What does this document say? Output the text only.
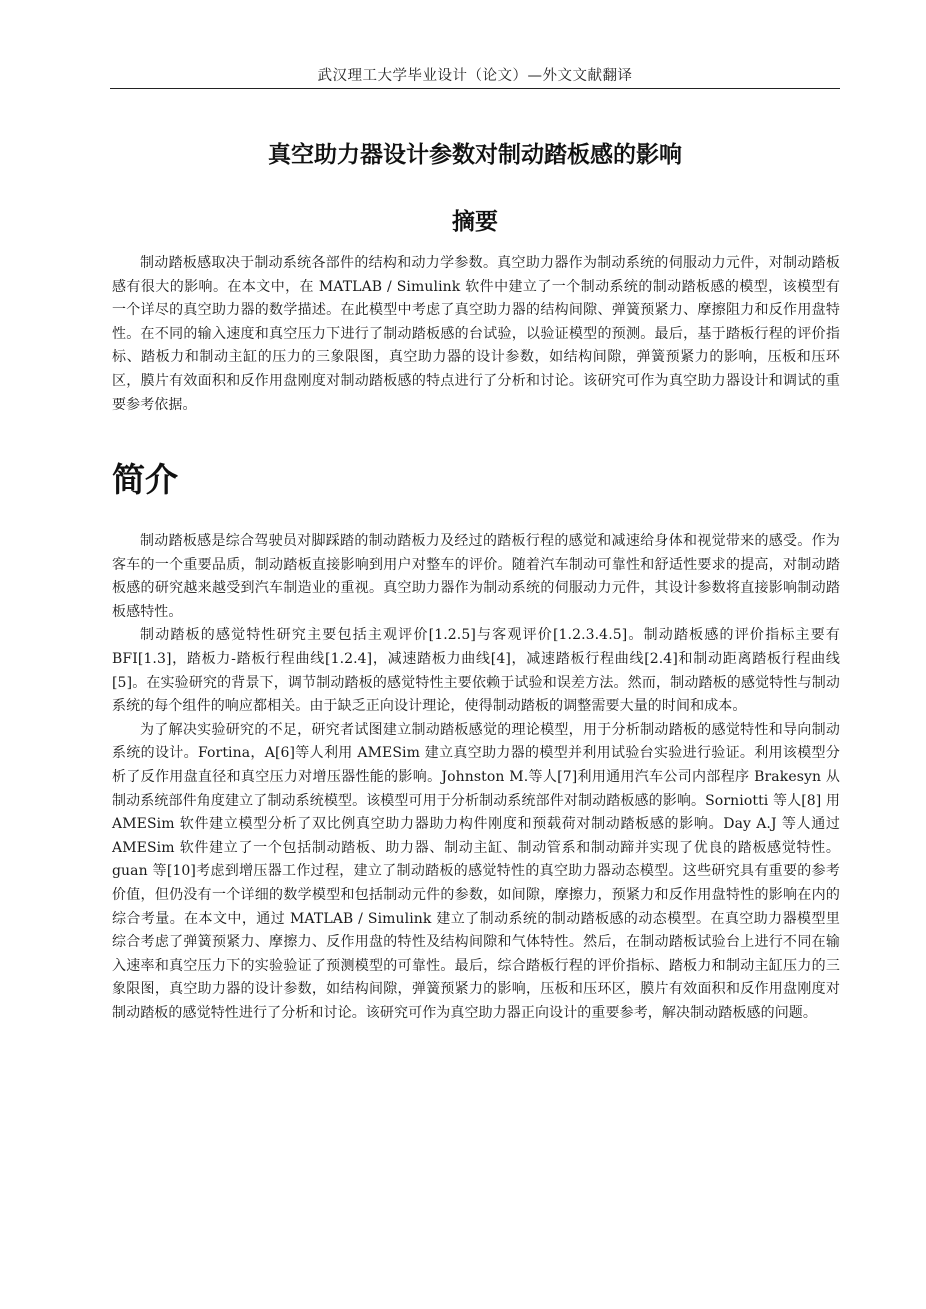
武汉理工大学毕业设计（论文）—外文文献翻译
真空助力器设计参数对制动踏板感的影响
摘要

制动踏板感取决于制动系统各部件的结构和动力学参数。真空助力器作为制动系统的伺服动力元件，对制动踏板感有很大的影响。在本文中，在 MATLAB / Simulink 软件中建立了一个制动系统的制动踏板感的模型，该模型有一个详尽的真空助力器的数学描述。在此模型中考虑了真空助力器的结构间隙、弹簧预紧力、摩擦阻力和反作用盘特性。在不同的输入速度和真空压力下进行了制动踏板感的台试验，以验证模型的预测。最后，基于踏板行程的评价指标、踏板力和制动主缸的压力的三象限图，真空助力器的设计参数，如结构间隙，弹簧预紧力的影响，压板和压环区，膜片有效面积和反作用盘刚度对制动踏板感的特点进行了分析和讨论。该研究可作为真空助力器设计和调试的重要参考依据。

简介

制动踏板感是综合驾驶员对脚踩踏的制动踏板力及经过的踏板行程的感觉和减速给身体和视觉带来的感受。作为客车的一个重要品质，制动踏板直接影响到用户对整车的评价。随着汽车制动可靠性和舒适性要求的提高，对制动踏板感的研究越来越受到汽车制造业的重视。真空助力器作为制动系统的伺服动力元件，其设计参数将直接影响制动踏板感特性。

制动踏板的感觉特性研究主要包括主观评价[1.2.5]与客观评价[1.2.3.4.5]。制动踏板感的评价指标主要有 BFI[1.3]，踏板力-踏板行程曲线[1.2.4]，减速踏板力曲线[4]，减速踏板行程曲线[2.4]和制动距离踏板行程曲线[5]。在实验研究的背景下，调节制动踏板的感觉特性主要依赖于试验和误差方法。然而，制动踏板的感觉特性与制动系统的每个组件的响应都相关。由于缺乏正向设计理论，使得制动踏板的调整需要大量的时间和成本。

为了解决实验研究的不足，研究者试图建立制动踏板感觉的理论模型，用于分析制动踏板的感觉特性和导向制动系统的设计。Fortina，A[6]等人利用 AMESim 建立真空助力器的模型并利用试验台实验进行验证。利用该模型分析了反作用盘直径和真空压力对增压器性能的影响。Johnston M.等人[7]利用通用汽车公司内部程序 Brakesyn 从制动系统部件角度建立了制动系统模型。该模型可用于分析制动系统部件对制动踏板感的影响。Sorniotti 等人[8] 用 AMESim 软件建立模型分析了双比例真空助力器助力构件刚度和预载荷对制动踏板感的影响。Day A.J 等人通过 AMESim 软件建立了一个包括制动踏板、助力器、制动主缸、制动管系和制动蹄并实现了优良的踏板感觉特性。guan 等[10]考虑到增压器工作过程，建立了制动踏板的感觉特性的真空助力器动态模型。这些研究具有重要的参考价值，但仍没有一个详细的数学模型和包括制动元件的参数，如间隙，摩擦力，预紧力和反作用盘特性的影响在内的综合考量。在本文中，通过 MATLAB / Simulink 建立了制动系统的制动踏板感的动态模型。在真空助力器模型里综合考虑了弹簧预紧力、摩擦力、反作用盘的特性及结构间隙和气体特性。然后，在制动踏板试验台上进行不同在输入速率和真空压力下的实验验证了预测模型的可靠性。最后，综合踏板行程的评价指标、踏板力和制动主缸压力的三象限图，真空助力器的设计参数，如结构间隙，弹簧预紧力的影响，压板和压环区，膜片有效面积和反作用盘刚度对制动踏板的感觉特性进行了分析和讨论。该研究可作为真空助力器正向设计的重要参考，解决制动踏板感的问题。
